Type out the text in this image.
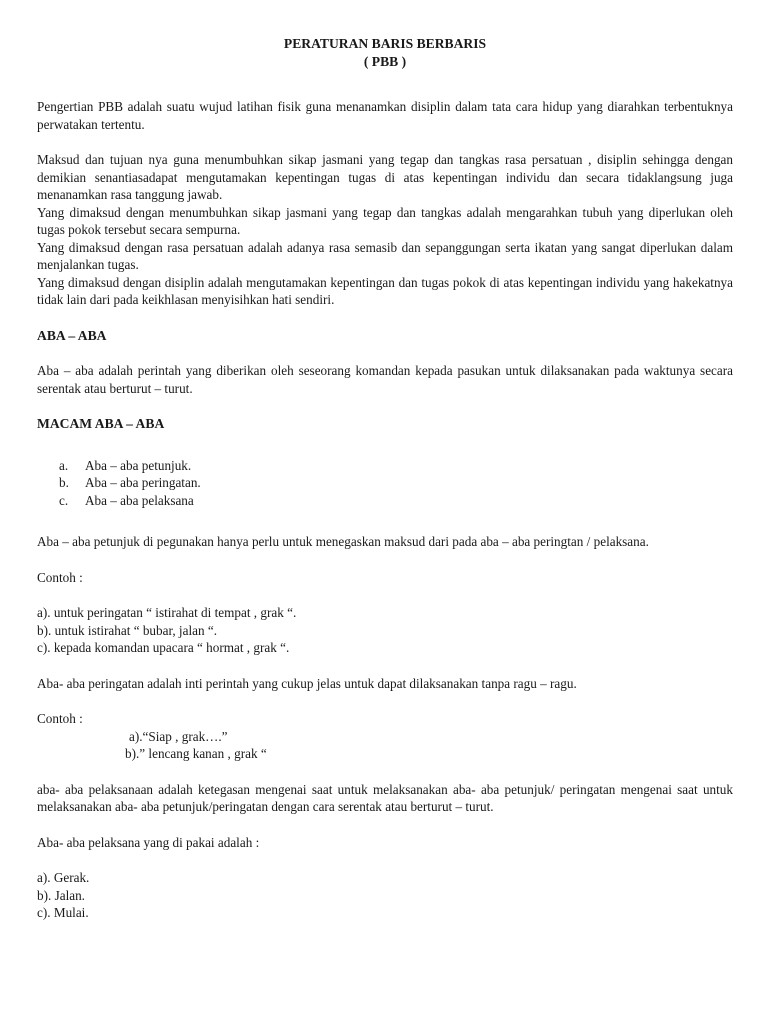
PERATURAN BARIS BERBARIS

( PBB )

Pengertian PBB adalah suatu wujud latihan fisik guna menanamkan disiplin dalam tata cara hidup yang diarahkan terbentuknya perwatakan tertentu.

Maksud dan tujuan nya guna menumbuhkan sikap jasmani yang tegap dan tangkas rasa persatuan , disiplin sehingga dengan demikian senantiasadapat mengutamakan kepentingan tugas di atas kepentingan individu dan secara tidaklangsung juga menanamkan rasa tanggung jawab.

Yang dimaksud dengan menumbuhkan sikap jasmani yang tegap dan tangkas adalah mengarahkan tubuh yang diperlukan oleh tugas pokok tersebut secara sempurna.

Yang dimaksud dengan rasa persatuan adalah adanya rasa semasib dan sepanggungan serta ikatan yang sangat diperlukan dalam menjalankan tugas.

Yang dimaksud dengan disiplin adalah mengutamakan kepentingan dan tugas pokok di atas kepentingan individu yang hakekatnya tidak lain dari pada keikhlasan menyisihkan hati sendiri.

ABA – ABA

Aba – aba adalah perintah yang diberikan oleh seseorang komandan kepada pasukan untuk dilaksanakan pada waktunya secara serentak atau berturut – turut.

MACAM ABA – ABA

a.	Aba – aba petunjuk.
b.	Aba – aba peringatan.
c.	Aba – aba pelaksana

Aba – aba petunjuk di pegunakan hanya perlu untuk menegaskan maksud dari pada aba – aba peringtan / pelaksana.

Contoh :

a). untuk peringatan “ istirahat di tempat , grak “.
b). untuk istirahat “ bubar, jalan “.
c). kepada komandan upacara “ hormat , grak “.

Aba- aba peringatan adalah inti perintah yang cukup jelas untuk dapat dilaksanakan tanpa ragu – ragu.

Contoh :

a).“Siap , grak….”
b).” lencang kanan , grak “

aba- aba pelaksanaan adalah ketegasan mengenai saat untuk melaksanakan aba- aba petunjuk/ peringatan mengenai saat untuk melaksanakan aba- aba petunjuk/peringatan dengan cara serentak atau berturut – turut.

Aba- aba pelaksana yang di pakai adalah :

a). Gerak.
b). Jalan.
c). Mulai.
